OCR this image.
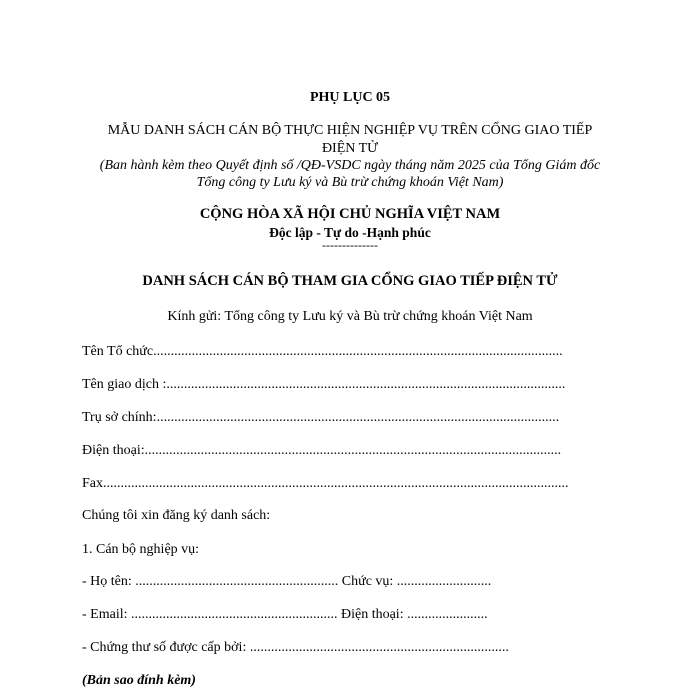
PHỤ LỤC 05
MẪU DANH SÁCH CÁN BỘ THỰC HIỆN NGHIỆP VỤ TRÊN CỔNG GIAO TIẾP
ĐIỆN TỬ
(Ban hành kèm theo Quyết định số /QĐ-VSDC ngày tháng năm 2025 của Tổng Giám đốc
Tổng công ty Lưu ký và Bù trừ chứng khoán Việt Nam)
CỘNG HÒA XÃ HỘI CHỦ NGHĨA VIỆT NAM
Độc lập - Tự do -Hạnh phúc
--------------
DANH SÁCH CÁN BỘ THAM GIA CỔNG GIAO TIẾP ĐIỆN TỬ
Kính gửi: Tổng công ty Lưu ký và Bù trừ chứng khoán Việt Nam
Tên Tổ chức.....................................................................................................................
Tên giao dịch :..................................................................................................................
Trụ sở chính:...................................................................................................................
Điện thoại:.......................................................................................................................
Fax.....................................................................................................................................
Chúng tôi xin đăng ký danh sách:
1. Cán bộ nghiệp vụ:
- Họ tên: .......................................................... Chức vụ: ...........................
- Email: ........................................................... Điện thoại: .......................
- Chứng thư số được cấp bởi: ..........................................................................
(Bản sao đính kèm)
